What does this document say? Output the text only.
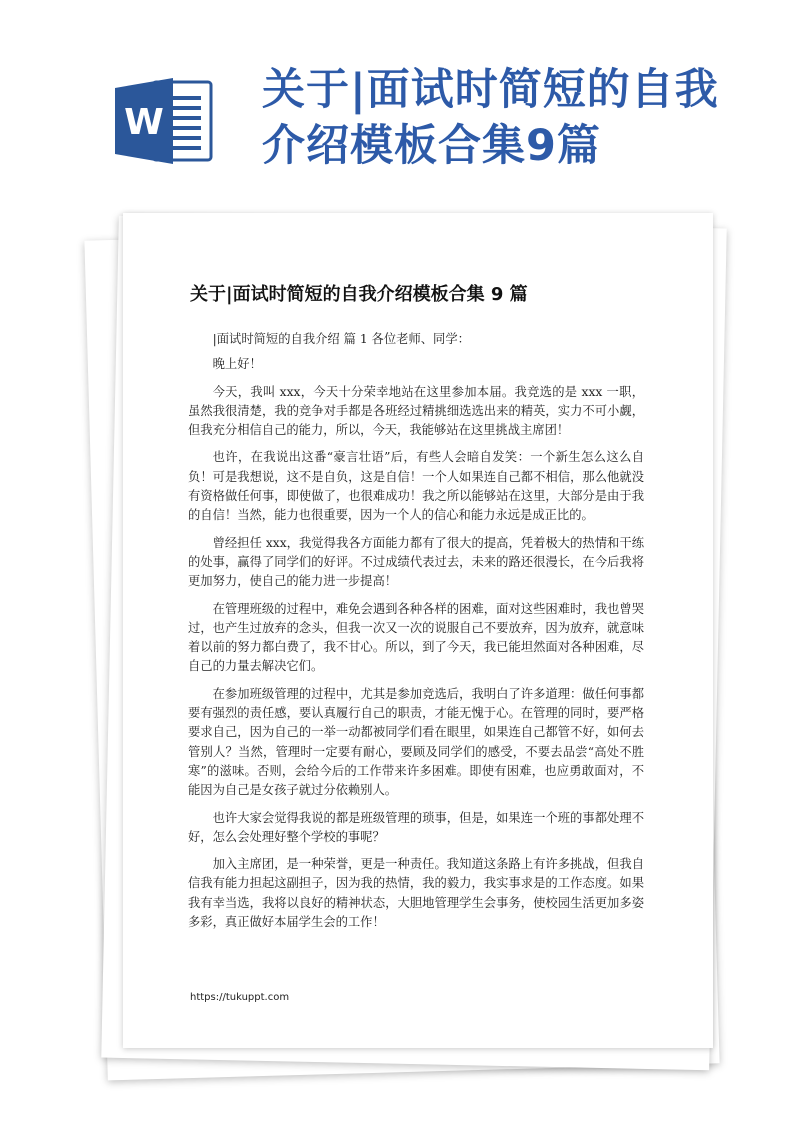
W
关于|面试时简短的自我介绍模板合集9篇
关于|面试时简短的自我介绍模板合集 9 篇

|面试时简短的自我介绍 篇 1 各位老师、同学：

晚上好！

今天，我叫 xxx，今天十分荣幸地站在这里参加本届。我竞选的是 xxx 一职，虽然我很清楚，我的竞争对手都是各班经过精挑细选选出来的精英，实力不可小觑，但我充分相信自己的能力，所以，今天，我能够站在这里挑战主席团！

也许，在我说出这番“豪言壮语”后，有些人会暗自发笑：一个新生怎么这么自负！可是我想说，这不是自负，这是自信！一个人如果连自己都不相信，那么他就没有资格做任何事，即使做了，也很难成功！我之所以能够站在这里，大部分是由于我的自信！当然，能力也很重要，因为一个人的信心和能力永远是成正比的。

曾经担任 xxx，我觉得我各方面能力都有了很大的提高，凭着极大的热情和干练的处事，赢得了同学们的好评。不过成绩代表过去，未来的路还很漫长，在今后我将更加努力，使自己的能力进一步提高！

在管理班级的过程中，难免会遇到各种各样的困难，面对这些困难时，我也曾哭过，也产生过放弃的念头，但我一次又一次的说服自己不要放弃，因为放弃，就意味着以前的努力都白费了，我不甘心。所以，到了今天，我已能坦然面对各种困难，尽自己的力量去解决它们。

在参加班级管理的过程中，尤其是参加竞选后，我明白了许多道理：做任何事都要有强烈的责任感，要认真履行自己的职责，才能无愧于心。在管理的同时，要严格要求自己，因为自己的一举一动都被同学们看在眼里，如果连自己都管不好，如何去管别人？当然，管理时一定要有耐心，要顾及同学们的感受，不要去品尝“高处不胜寒”的滋味。否则，会给今后的工作带来许多困难。即使有困难，也应勇敢面对，不能因为自己是女孩子就过分依赖别人。

也许大家会觉得我说的都是班级管理的琐事，但是，如果连一个班的事都处理不好，怎么会处理好整个学校的事呢？

加入主席团，是一种荣誉，更是一种责任。我知道这条路上有许多挑战，但我自信我有能力担起这副担子，因为我的热情，我的毅力，我实事求是的工作态度。如果我有幸当选，我将以良好的精神状态，大胆地管理学生会事务，使校园生活更加多姿多彩，真正做好本届学生会的工作！

https://tukuppt.com
